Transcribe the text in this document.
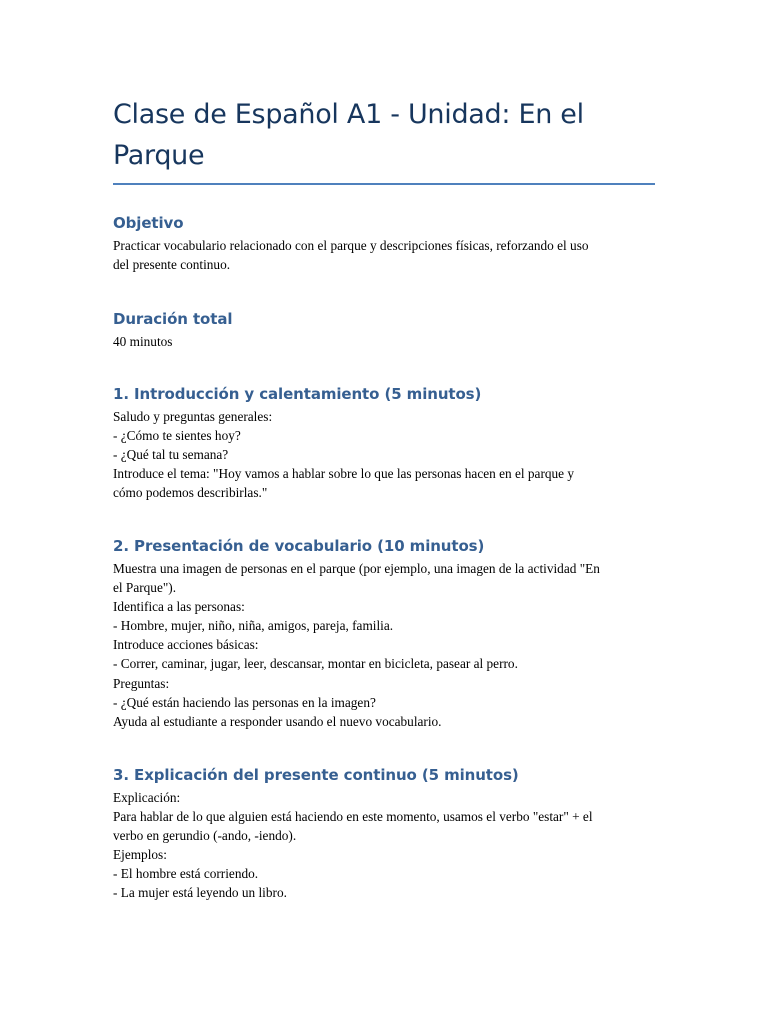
Clase de Español A1 - Unidad: En el Parque
Objetivo

Practicar vocabulario relacionado con el parque y descripciones físicas, reforzando el uso

del presente continuo.

Duración total

40 minutos

1. Introducción y calentamiento (5 minutos)

Saludo y preguntas generales:

- ¿Cómo te sientes hoy?

- ¿Qué tal tu semana?

Introduce el tema: "Hoy vamos a hablar sobre lo que las personas hacen en el parque y

cómo podemos describirlas."

2. Presentación de vocabulario (10 minutos)

Muestra una imagen de personas en el parque (por ejemplo, una imagen de la actividad "En

el Parque").

Identifica a las personas:

- Hombre, mujer, niño, niña, amigos, pareja, familia.

Introduce acciones básicas:

- Correr, caminar, jugar, leer, descansar, montar en bicicleta, pasear al perro.

Preguntas:

- ¿Qué están haciendo las personas en la imagen?

Ayuda al estudiante a responder usando el nuevo vocabulario.

3. Explicación del presente continuo (5 minutos)

Explicación:

Para hablar de lo que alguien está haciendo en este momento, usamos el verbo "estar" + el

verbo en gerundio (-ando, -iendo).

Ejemplos:

- El hombre está corriendo.

- La mujer está leyendo un libro.
